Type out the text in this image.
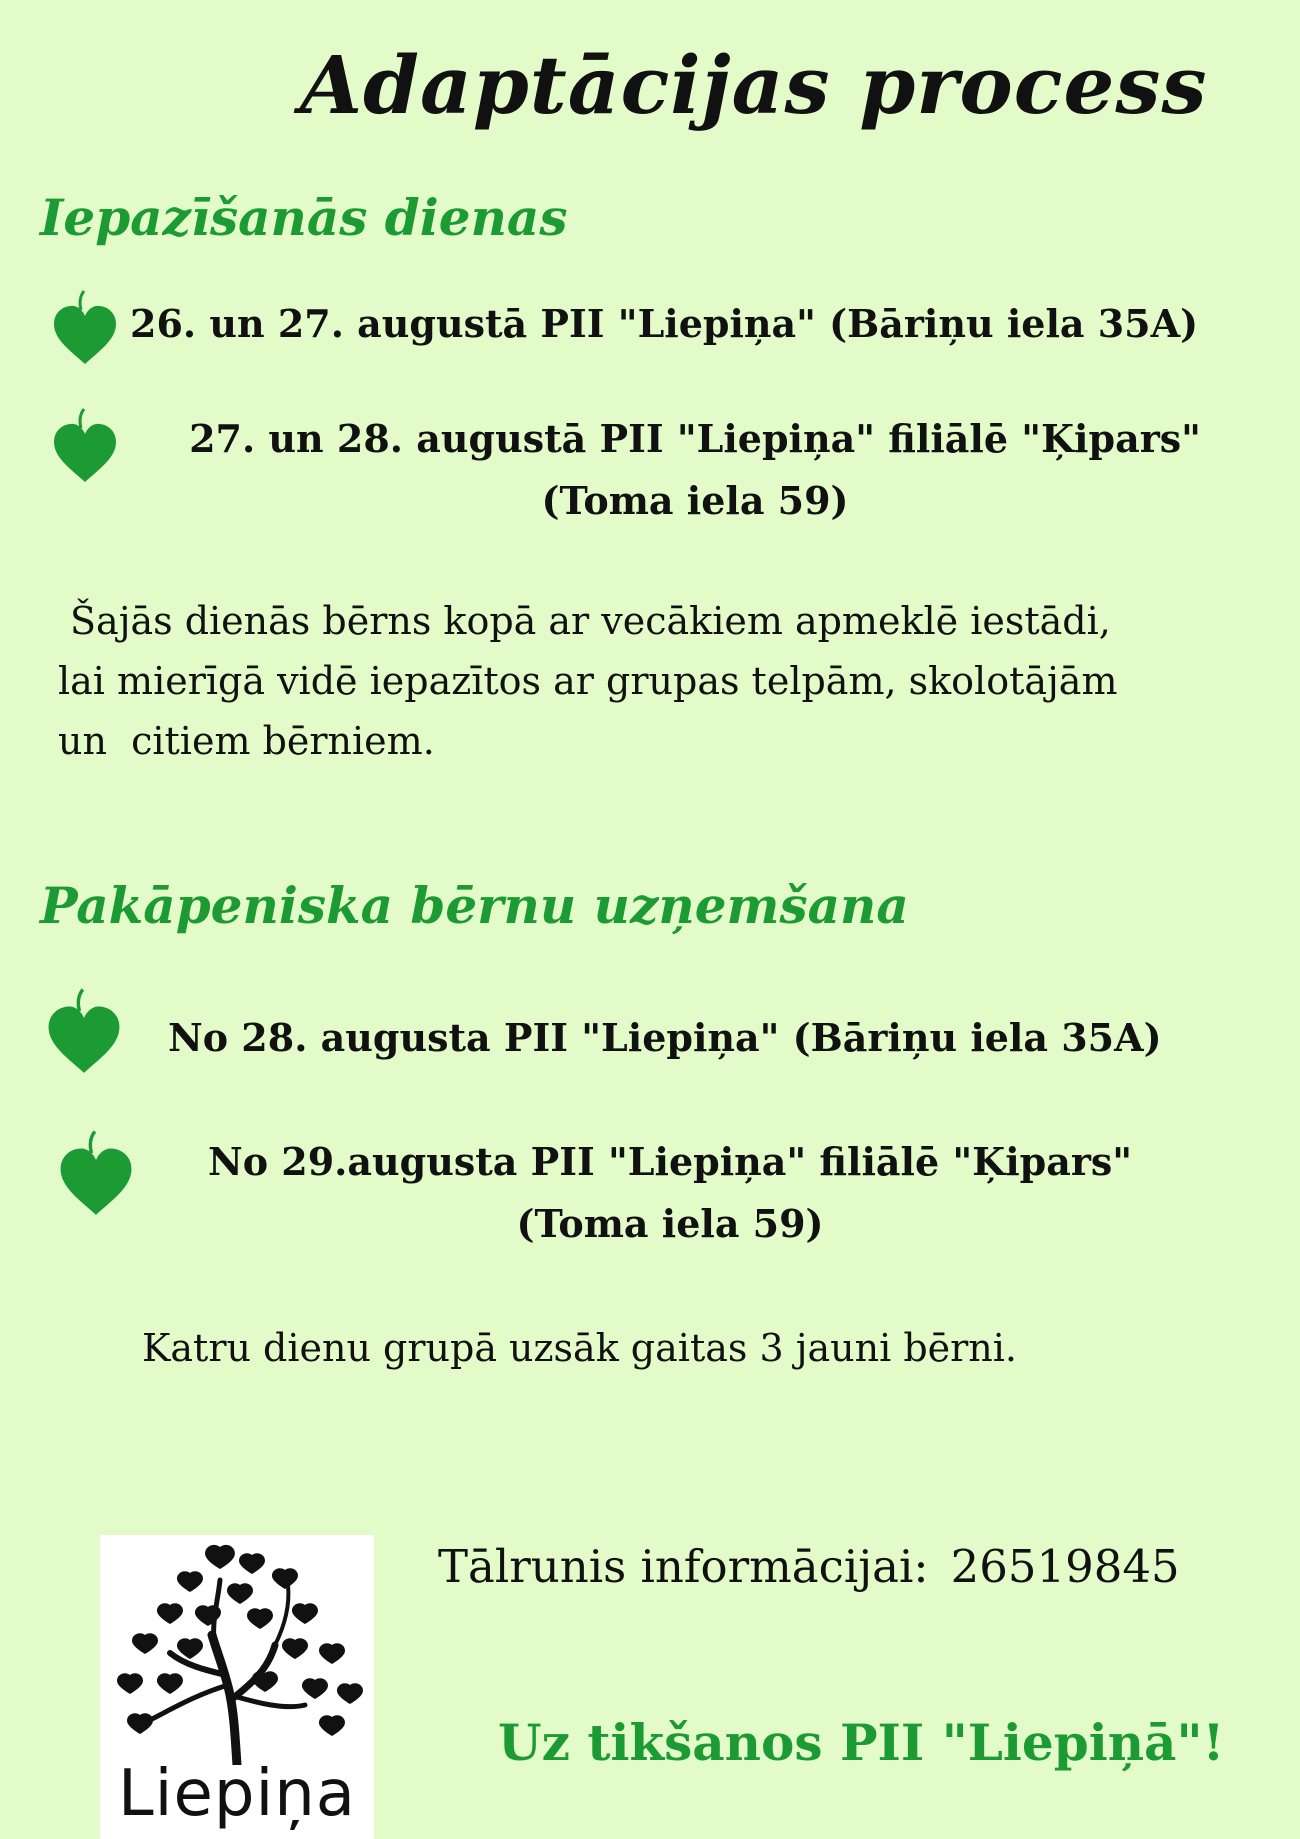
Adaptācijas process
Iepazīšanās dienas
26. un 27. augustā PII "Liepiņa" (Bāriņu iela 35A)
27. un 28. augustā PII "Liepiņa" filiālē "Ķipars"
(Toma iela 59)
Šajās dienās bērns kopā ar vecākiem apmeklē iestādi,
lai mierīgā vidē iepazītos ar grupas telpām, skolotājām
un  citiem bērniem.
Pakāpeniska bērnu uzņemšana
No 28. augusta PII "Liepiņa" (Bāriņu iela 35A)
No 29.augusta PII "Liepiņa" filiālē "Ķipars"
(Toma iela 59)
Katru dienu grupā uzsāk gaitas 3 jauni bērni.
Liepiņa
Tālrunis informācijai: 26519845
Uz tikšanos PII "Liepiņā"!
